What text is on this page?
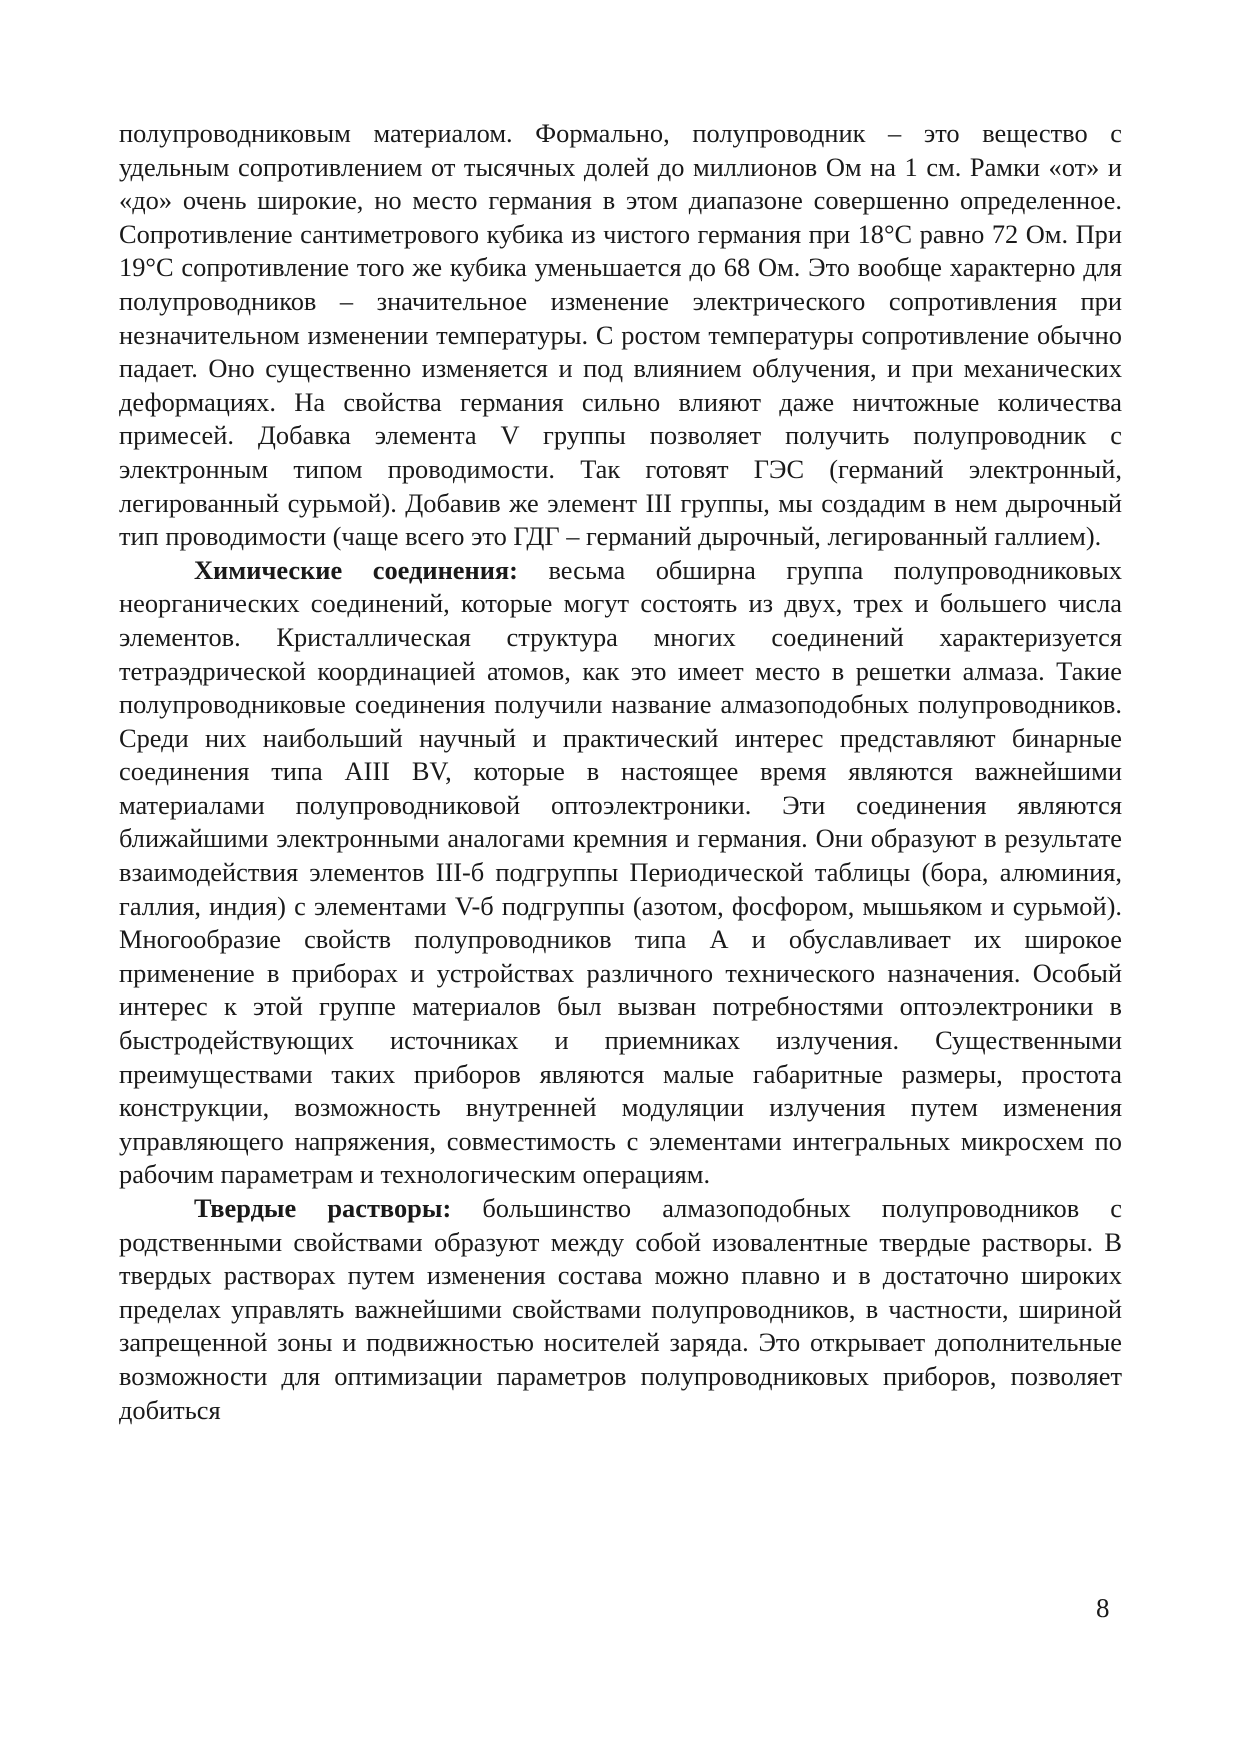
полупроводниковым материалом. Формально, полупроводник – это вещество с удельным сопротивлением от тысячных долей до миллионов Ом на 1 см. Рамки «от» и «до» очень широкие, но место германия в этом диапазоне совершенно определенное. Сопротивление сантиметрового кубика из чистого германия при 18°С равно 72 Ом. При 19°С сопротивление того же кубика уменьшается до 68 Ом. Это вообще характерно для полупроводников – значительное изменение электрического сопротивления при незначительном изменении температуры. С ростом температуры сопротивление обычно падает. Оно существенно изменяется и под влиянием облучения, и при механических деформациях. На свойства германия сильно влияют даже ничтожные количества примесей. Добавка элемента V группы позволяет получить полупроводник с электронным типом проводимости. Так готовят ГЭС (германий электронный, легированный сурьмой). Добавив же элемент III группы, мы создадим в нем дырочный тип проводимости (чаще всего это ГДГ – германий дырочный, легированный галлием).

Химические соединения: весьма обширна группа полупроводниковых неорганических соединений, которые могут состоять из двух, трех и большего числа элементов. Кристаллическая структура многих соединений характеризуется тетраэдрической координацией атомов, как это имеет место в решетки алмаза. Такие полупроводниковые соединения получили название алмазоподобных полупроводников. Среди них наибольший научный и практический интерес представляют бинарные соединения типа AIII BV, которые в настоящее время являются важнейшими материалами полупроводниковой оптоэлектроники. Эти соединения являются ближайшими электронными аналогами кремния и германия. Они образуют в результате взаимодействия элементов III-б подгруппы Периодической таблицы (бора, алюминия, галлия, индия) с элементами V-б подгруппы (азотом, фосфором, мышьяком и сурьмой). Многообразие свойств полупроводников типа А и обуславливает их широкое применение в приборах и устройствах различного технического назначения. Особый интерес к этой группе материалов был вызван потребностями оптоэлектроники в быстродействующих источниках и приемниках излучения. Существенными преимуществами таких приборов являются малые габаритные размеры, простота конструкции, возможность внутренней модуляции излучения путем изменения управляющего напряжения, совместимость с элементами интегральных микросхем по рабочим параметрам и технологическим операциям.

Твердые растворы: большинство алмазоподобных полупроводников с родственными свойствами образуют между собой изовалентные твердые растворы. В твердых растворах путем изменения состава можно плавно и в достаточно широких пределах управлять важнейшими свойствами полупроводников, в частности, шириной запрещенной зоны и подвижностью носителей заряда. Это открывает дополнительные возможности для оптимизации параметров полупроводниковых приборов, позволяет добиться

8
